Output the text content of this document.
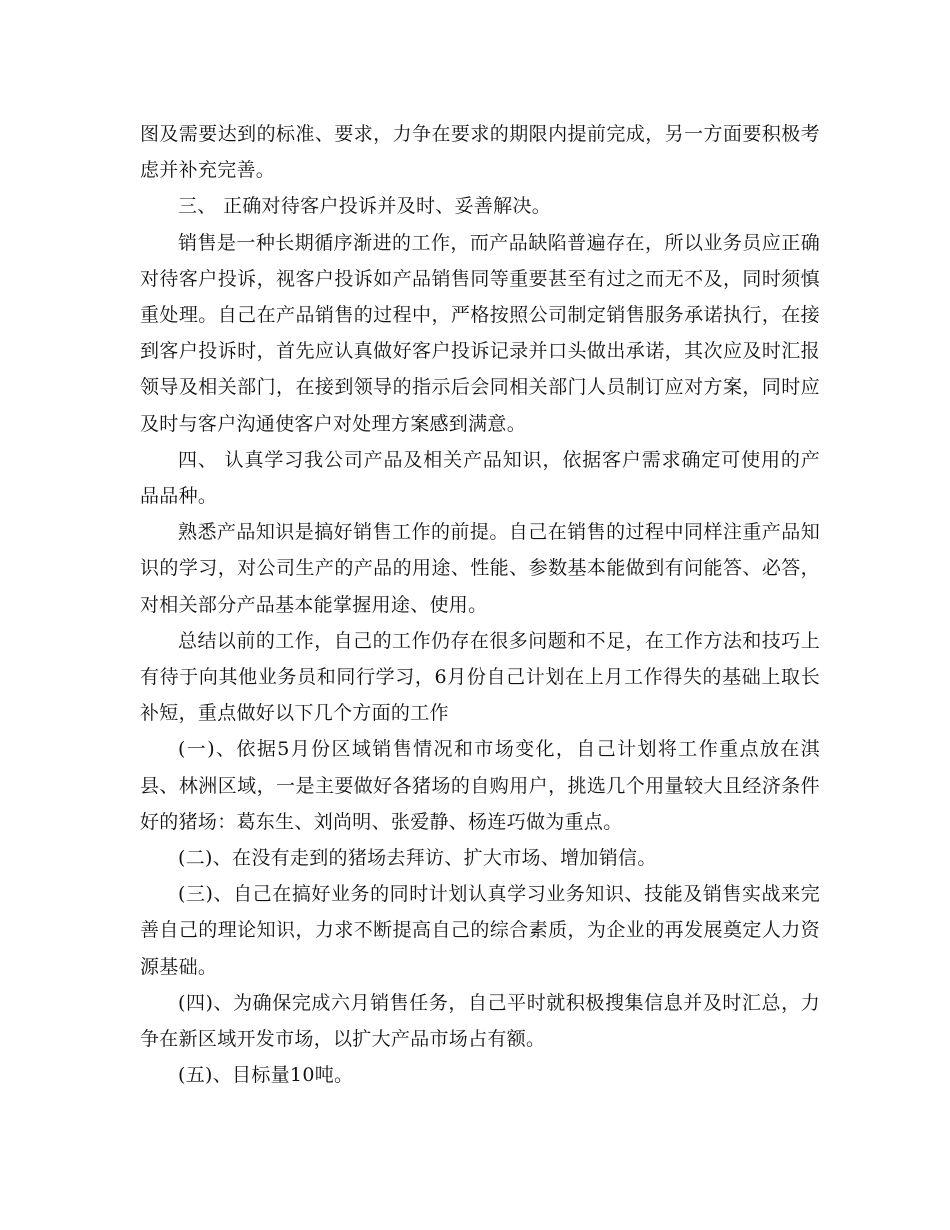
图及需要达到的标准、要求，力争在要求的期限内提前完成，另一方面要积极考虑并补充完善。

三、 正确对待客户投诉并及时、妥善解决。

销售是一种长期循序渐进的工作，而产品缺陷普遍存在，所以业务员应正确对待客户投诉，视客户投诉如产品销售同等重要甚至有过之而无不及，同时须慎重处理。自己在产品销售的过程中，严格按照公司制定销售服务承诺执行，在接到客户投诉时，首先应认真做好客户投诉记录并口头做出承诺，其次应及时汇报领导及相关部门，在接到领导的指示后会同相关部门人员制订应对方案，同时应及时与客户沟通使客户对处理方案感到满意。

四、 认真学习我公司产品及相关产品知识，依据客户需求确定可使用的产品品种。

熟悉产品知识是搞好销售工作的前提。自己在销售的过程中同样注重产品知识的学习，对公司生产的产品的用途、性能、参数基本能做到有问能答、必答，对相关部分产品基本能掌握用途、使用。

总结以前的工作，自己的工作仍存在很多问题和不足，在工作方法和技巧上有待于向其他业务员和同行学习，6月份自己计划在上月工作得失的基础上取长补短，重点做好以下几个方面的工作

(一)、依据5月份区域销售情况和市场变化，自己计划将工作重点放在淇县、林洲区域，一是主要做好各猪场的自购用户，挑选几个用量较大且经济条件好的猪场：葛东生、刘尚明、张爱静、杨连巧做为重点。

(二)、在没有走到的猪场去拜访、扩大市场、增加销信。

(三)、自己在搞好业务的同时计划认真学习业务知识、技能及销售实战来完善自己的理论知识，力求不断提高自己的综合素质，为企业的再发展奠定人力资源基础。

(四)、为确保完成六月销售任务，自己平时就积极搜集信息并及时汇总，力争在新区域开发市场，以扩大产品市场占有额。

(五)、目标量10吨。
